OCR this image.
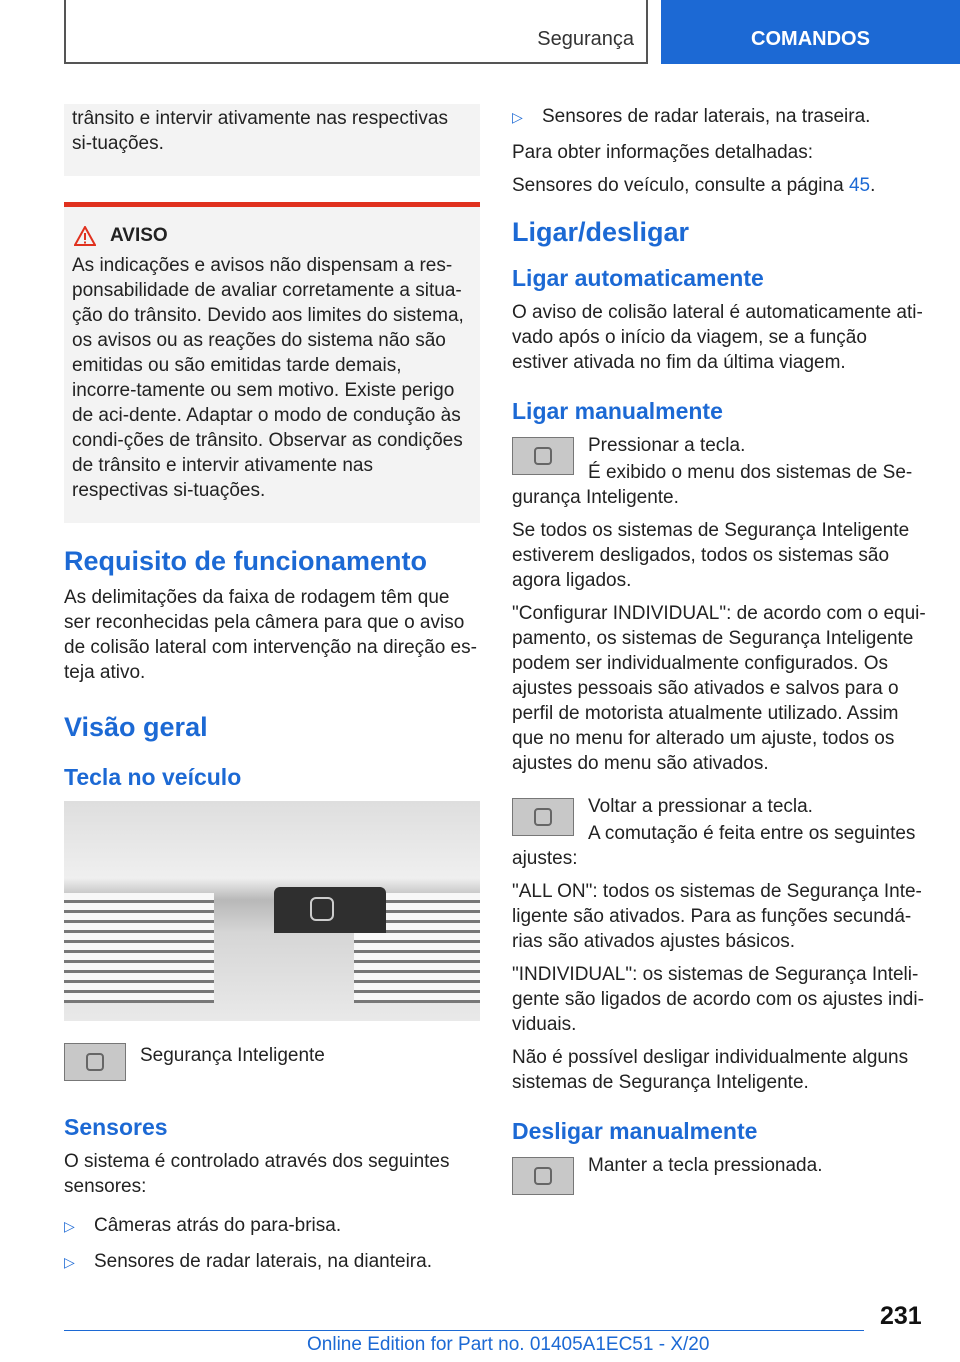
Segurança	COMANDOS

trânsito e intervir ativamente nas respectivas si-tuações.

AVISO

As indicações e avisos não dispensam a res-ponsabilidade de avaliar corretamente a situa-ção do trânsito. Devido aos limites do sistema, os avisos ou as reações do sistema não são emitidas ou são emitidas tarde demais, incorre-tamente ou sem motivo. Existe perigo de aci-dente. Adaptar o modo de condução às condi-ções de trânsito. Observar as condições de trânsito e intervir ativamente nas respectivas si-tuações.

Requisito de funcionamento

As delimitações da faixa de rodagem têm que ser reconhecidas pela câmera para que o aviso de colisão lateral com intervenção na direção es-teja ativo.

Visão geral
Tecla no veículo

Segurança Inteligente

Sensores

O sistema é controlado através dos seguintes sensores:

▷	Câmeras atrás do para-brisa.
▷	Sensores de radar laterais, na dianteira.
▷	Sensores de radar laterais, na traseira.

Para obter informações detalhadas:

Sensores do veículo, consulte a página 45.

Ligar/desligar
Ligar automaticamente

O aviso de colisão lateral é automaticamente ati-vado após o início da viagem, se a função estiver ativada no fim da última viagem.

Ligar manualmente

Pressionar a tecla.

É exibido o menu dos sistemas de Se-gurança Inteligente.

Se todos os sistemas de Segurança Inteligente estiverem desligados, todos os sistemas são agora ligados.

"Configurar INDIVIDUAL": de acordo com o equi-pamento, os sistemas de Segurança Inteligente podem ser individualmente configurados. Os ajustes pessoais são ativados e salvos para o perfil de motorista atualmente utilizado. Assim que no menu for alterado um ajuste, todos os ajustes do menu são ativados.

Voltar a pressionar a tecla.

A comutação é feita entre os seguintes ajustes:

"ALL ON": todos os sistemas de Segurança Inte-ligente são ativados. Para as funções secundá-rias são ativados ajustes básicos.

"INDIVIDUAL": os sistemas de Segurança Inteli-gente são ligados de acordo com os ajustes indi-viduais.

Não é possível desligar individualmente alguns sistemas de Segurança Inteligente.

Desligar manualmente

Manter a tecla pressionada.

231
Online Edition for Part no. 01405A1EC51 - X/20
